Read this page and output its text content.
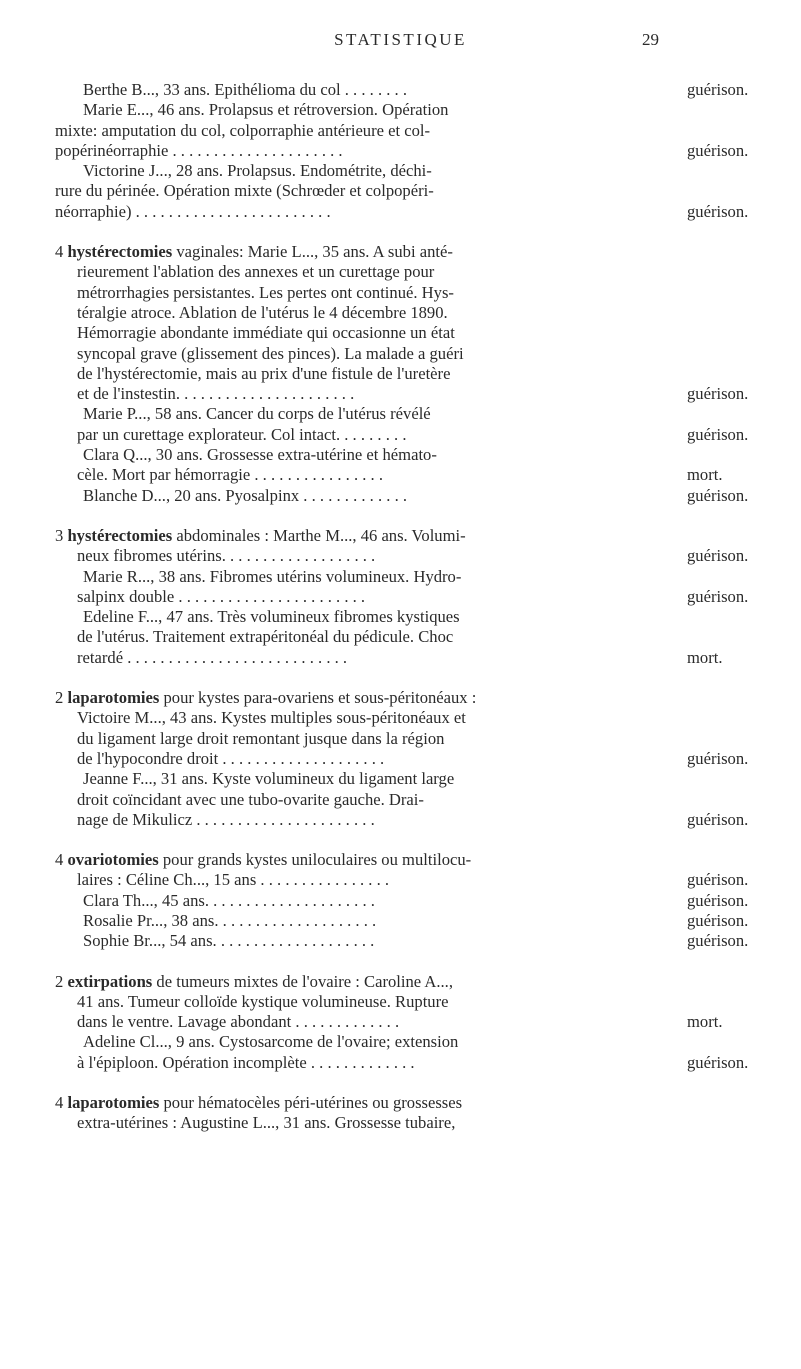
STATISTIQUE	29
Berthe B..., 33 ans. Epithélioma du col . . . . . . . .	guérison.
Marie E..., 46 ans. Prolapsus et rétroversion. Opération
mixte: amputation du col, colporraphie antérieure et col-
popérinéorraphie . . . . . . . . . . . . . . . . . . . . .	guérison.
Victorine J..., 28 ans. Prolapsus. Endométrite, déchi-
rure du périnée. Opération mixte (Schrœder et colpopéri-
néorraphie) . . . . . . . . . . . . . . . . . . . . . . . .	guérison.
4 hystérectomies vaginales: Marie L..., 35 ans. A subi anté-
rieurement l'ablation des annexes et un curettage pour
métrorrhagies persistantes. Les pertes ont continué. Hys-
téralgie atroce. Ablation de l'utérus le 4 décembre 1890.
Hémorragie abondante immédiate qui occasionne un état
syncopal grave (glissement des pinces). La malade a guéri
de l'hystérectomie, mais au prix d'une fistule de l'uretère
et de l'instestin. . . . . . . . . . . . . . . . . . . . . .	guérison.
Marie P..., 58 ans. Cancer du corps de l'utérus révélé
par un curettage explorateur. Col intact. . . . . . . . .	guérison.
Clara Q..., 30 ans. Grossesse extra-utérine et hémato-
cèle. Mort par hémorragie . . . . . . . . . . . . . . . .	mort.
Blanche D..., 20 ans. Pyosalpinx . . . . . . . . . . . . .	guérison.
3 hystérectomies abdominales : Marthe M..., 46 ans. Volumi-
neux fibromes utérins. . . . . . . . . . . . . . . . . . .	guérison.
Marie R..., 38 ans. Fibromes utérins volumineux. Hydro-
salpinx double . . . . . . . . . . . . . . . . . . . . . . .	guérison.
Edeline F..., 47 ans. Très volumineux fibromes kystiques
de l'utérus. Traitement extrapéritonéal du pédicule. Choc
retardé . . . . . . . . . . . . . . . . . . . . . . . . . . .	mort.
2 laparotomies pour kystes para-ovariens et sous-péritonéaux :
Victoire M..., 43 ans. Kystes multiples sous-péritonéaux et
du ligament large droit remontant jusque dans la région
de l'hypocondre droit . . . . . . . . . . . . . . . . . . . .	guérison.
Jeanne F..., 31 ans. Kyste volumineux du ligament large
droit coïncidant avec une tubo-ovarite gauche. Drai-
nage de Mikulicz . . . . . . . . . . . . . . . . . . . . . .	guérison.
4 ovariotomies pour grands kystes uniloculaires ou multilocu-
laires : Céline Ch..., 15 ans . . . . . . . . . . . . . . . .	guérison.
Clara Th..., 45 ans. . . . . . . . . . . . . . . . . . . . .	guérison.
Rosalie Pr..., 38 ans. . . . . . . . . . . . . . . . . . . .	guérison.
Sophie Br..., 54 ans. . . . . . . . . . . . . . . . . . . .	guérison.
2 extirpations de tumeurs mixtes de l'ovaire : Caroline A...,
41 ans. Tumeur colloïde kystique volumineuse. Rupture
dans le ventre. Lavage abondant . . . . . . . . . . . . .	mort.
Adeline Cl..., 9 ans. Cystosarcome de l'ovaire; extension
à l'épiploon. Opération incomplète . . . . . . . . . . . . .	guérison.
4 laparotomies pour hématocèles péri-utérines ou grossesses
extra-utérines : Augustine L..., 31 ans. Grossesse tubaire,
